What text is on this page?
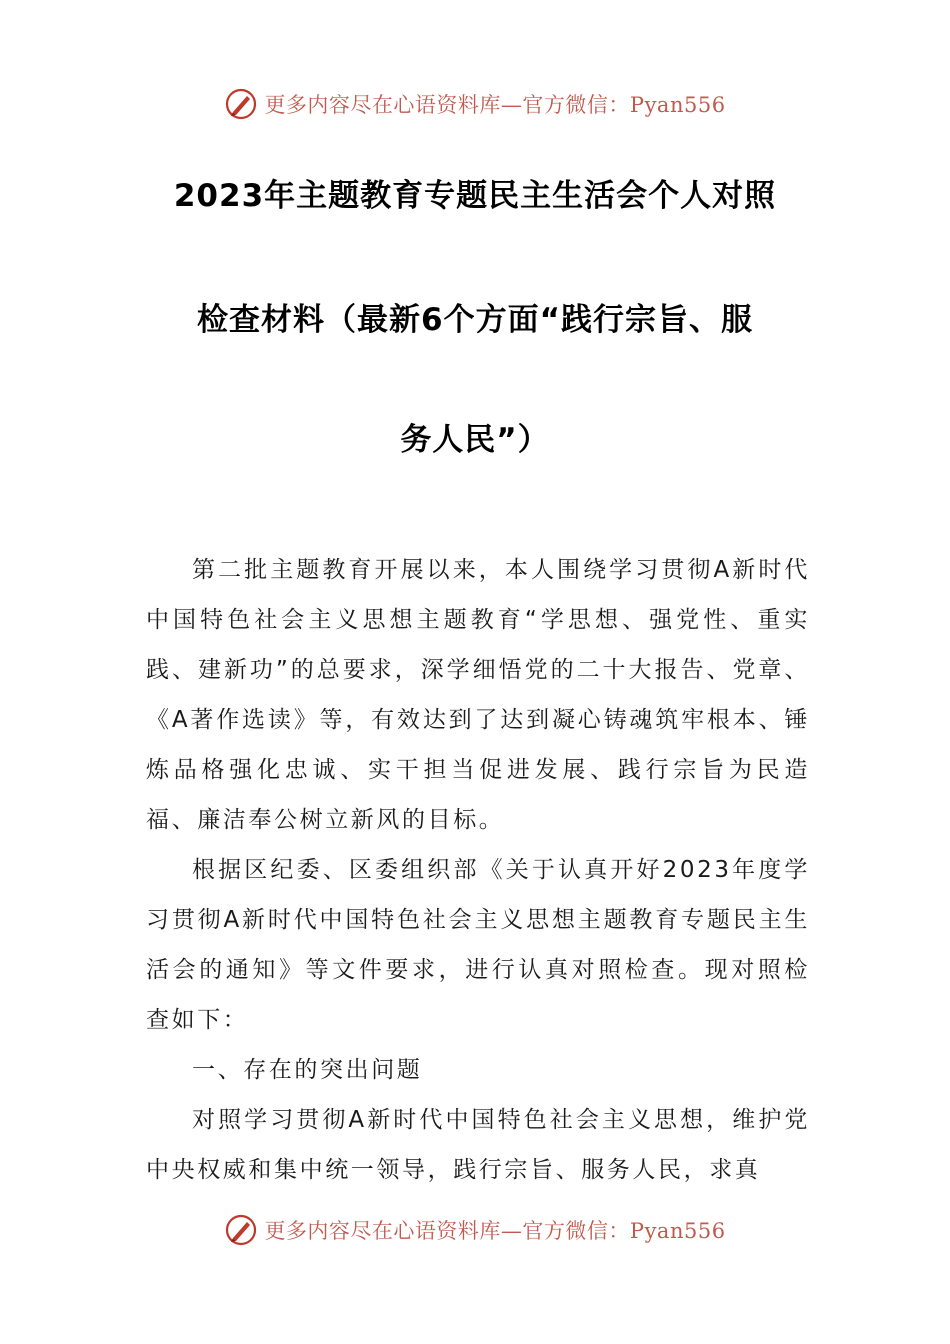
更多内容尽在心语资料库—官方微信：Pyan556
2023年主题教育专题民主生活会个人对照
检查材料（最新6个方面“践行宗旨、服
务人民”）

第二批主题教育开展以来，本人围绕学习贯彻A新时代中国特色社会主义思想主题教育“学思想、强党性、重实践、建新功”的总要求，深学细悟党的二十大报告、党章、《A著作选读》等，有效达到了达到凝心铸魂筑牢根本、锤炼品格强化忠诚、实干担当促进发展、践行宗旨为民造福、廉洁奉公树立新风的目标。

根据区纪委、区委组织部《关于认真开好2023年度学习贯彻A新时代中国特色社会主义思想主题教育专题民主生活会的通知》等文件要求，进行认真对照检查。现对照检查如下：

一、存在的突出问题

对照学习贯彻A新时代中国特色社会主义思想，维护党中央权威和集中统一领导，践行宗旨、服务人民，求真

更多内容尽在心语资料库—官方微信：Pyan556
